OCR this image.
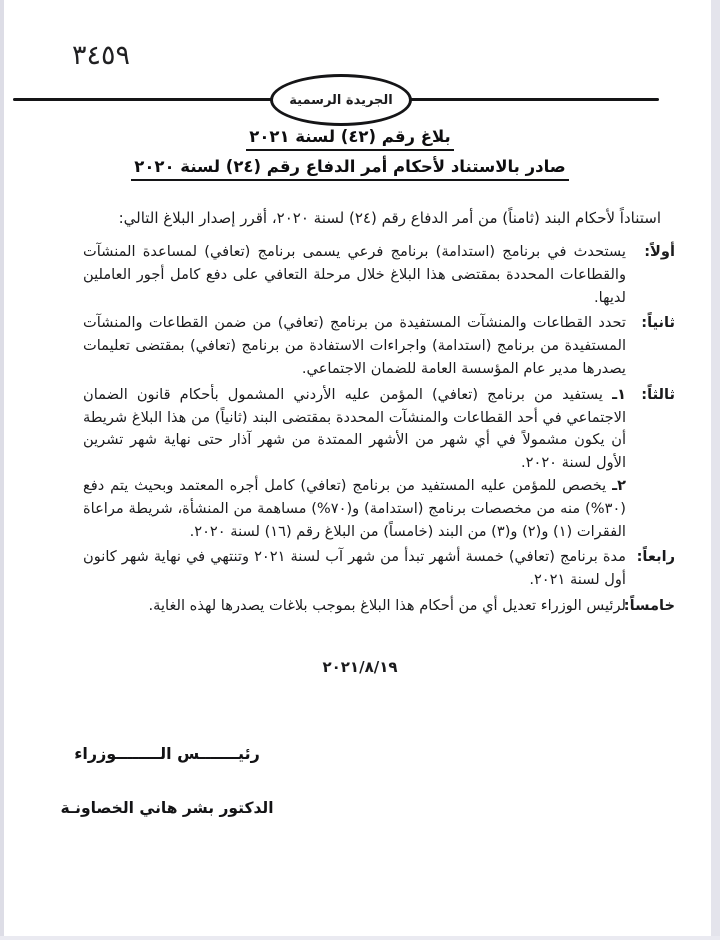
٣٤٥٩
الجريدة الرسمية
بلاغ رقم (٤٢) لسنة ٢٠٢١
صادر بالاستناد لأحكام أمر الدفاع رقم (٢٤) لسنة ٢٠٢٠

استناداً لأحكام البند (ثامناً) من أمر الدفاع رقم (٢٤) لسنة ٢٠٢٠، أقرر إصدار البلاغ التالي:

أولاً:
يستحدث في برنامج (استدامة) برنامج فرعي يسمى برنامج (تعافي) لمساعدة المنشآت والقطاعات المحددة بمقتضى هذا البلاغ خلال مرحلة التعافي على دفع كامل أجور العاملين لديها.
ثانياً:
تحدد القطاعات والمنشآت المستفيدة من برنامج (تعافي) من ضمن القطاعات والمنشآت المستفيدة من برنامج (استدامة) واجراءات الاستفادة من برنامج (تعافي) بمقتضى تعليمات يصدرها مدير عام المؤسسة العامة للضمان الاجتماعي.
ثالثاً:
١ـ يستفيد من برنامج (تعافي) المؤمن عليه الأردني المشمول بأحكام قانون الضمان الاجتماعي في أحد القطاعات والمنشآت المحددة بمقتضى البند (ثانياً) من هذا البلاغ شريطة أن يكون مشمولاً في أي شهر من الأشهر الممتدة من شهر آذار حتى نهاية شهر تشرين الأول لسنة ٢٠٢٠.
٢ـ يخصص للمؤمن عليه المستفيد من برنامج (تعافي) كامل أجره المعتمد وبحيث يتم دفع (٣٠%) منه من مخصصات برنامج (استدامة) و(٧٠%) مساهمة من المنشأة، شريطة مراعاة الفقرات (١) و(٢) و(٣) من البند (خامساً) من البلاغ رقم (١٦) لسنة ٢٠٢٠.
رابعاً:
مدة برنامج (تعافي) خمسة أشهر تبدأ من شهر آب لسنة ٢٠٢١ وتنتهي في نهاية شهر كانون أول لسنة ٢٠٢١.
خامساً:
لرئيس الوزراء تعديل أي من أحكام هذا البلاغ بموجب بلاغات يصدرها لهذه الغاية.
٢٠٢١/٨/١٩
رئيـــــــس الــــــــوزراء
الدكتور بشر هاني الخصاونـة
